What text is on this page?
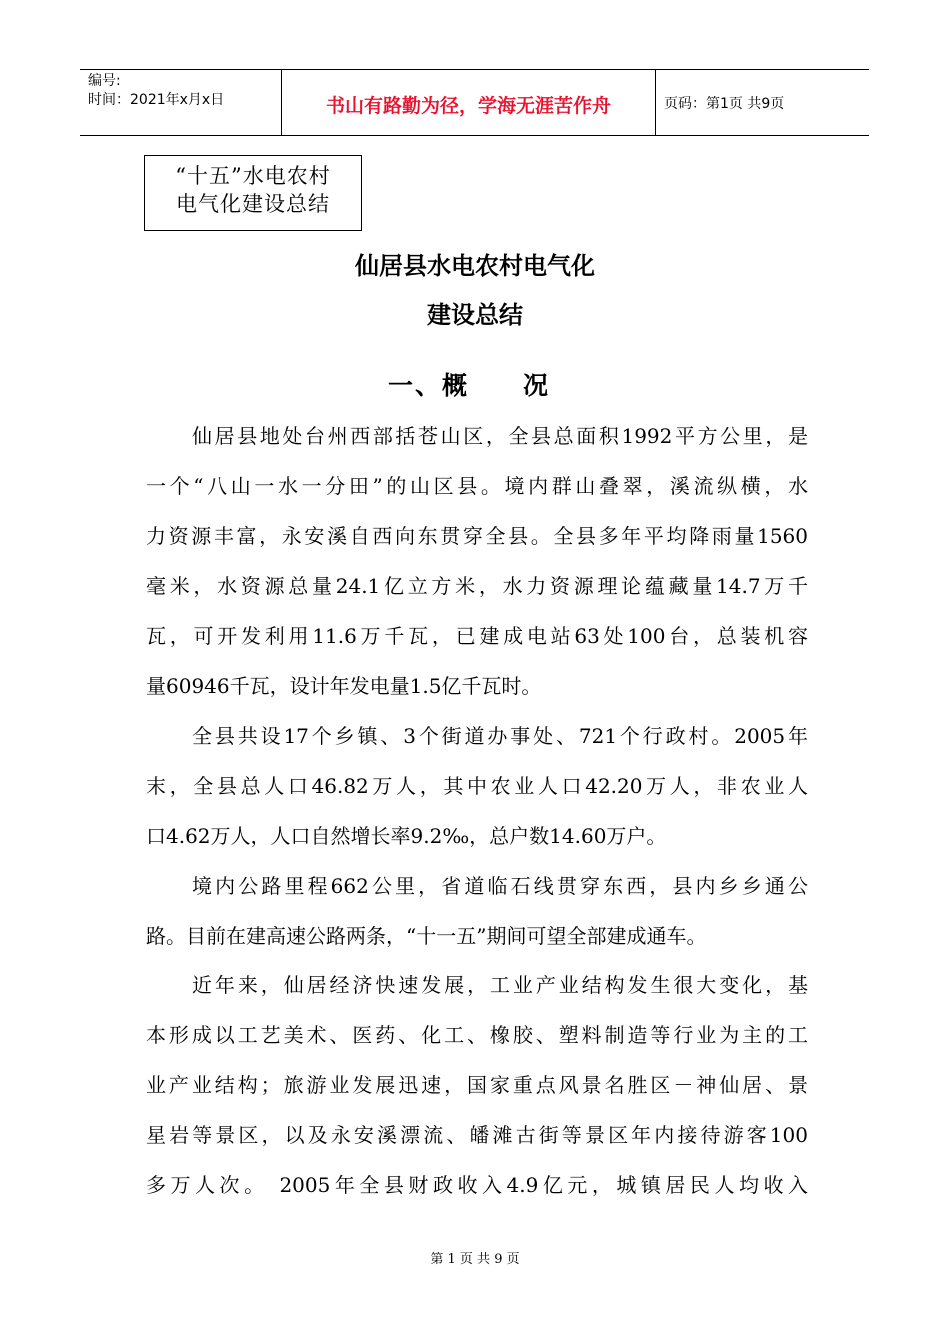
编号:
时间：2021年x月x日	书山有路勤为径，学海无涯苦作舟	页码：第1页 共9页
“十五”水电农村
电气化建设总结
仙居县水电农村电气化
建设总结
一、概　　况
仙居县地处台州西部括苍山区，全县总面积1992平方公里，是
一个“八山一水一分田”的山区县。境内群山叠翠，溪流纵横，水
力资源丰富，永安溪自西向东贯穿全县。全县多年平均降雨量1560
毫米，水资源总量24.1亿立方米，水力资源理论蕴藏量14.7万千
瓦，可开发利用11.6万千瓦，已建成电站63处100台，总装机容
量60946千瓦，设计年发电量1.5亿千瓦时。
全县共设17个乡镇、3个街道办事处、721个行政村。2005年
末，全县总人口46.82万人，其中农业人口42.20万人，非农业人
口4.62万人，人口自然增长率9.2‰，总户数14.60万户。
境内公路里程662公里，省道临石线贯穿东西，县内乡乡通公
路。目前在建高速公路两条，“十一五”期间可望全部建成通车。
近年来，仙居经济快速发展，工业产业结构发生很大变化，基
本形成以工艺美术、医药、化工、橡胶、塑料制造等行业为主的工
业产业结构；旅游业发展迅速，国家重点风景名胜区－神仙居、景
星岩等景区，以及永安溪漂流、皤滩古街等景区年内接待游客100
多万人次。 2005年全县财政收入4.9亿元，城镇居民人均收入
第 1 页 共 9 页
